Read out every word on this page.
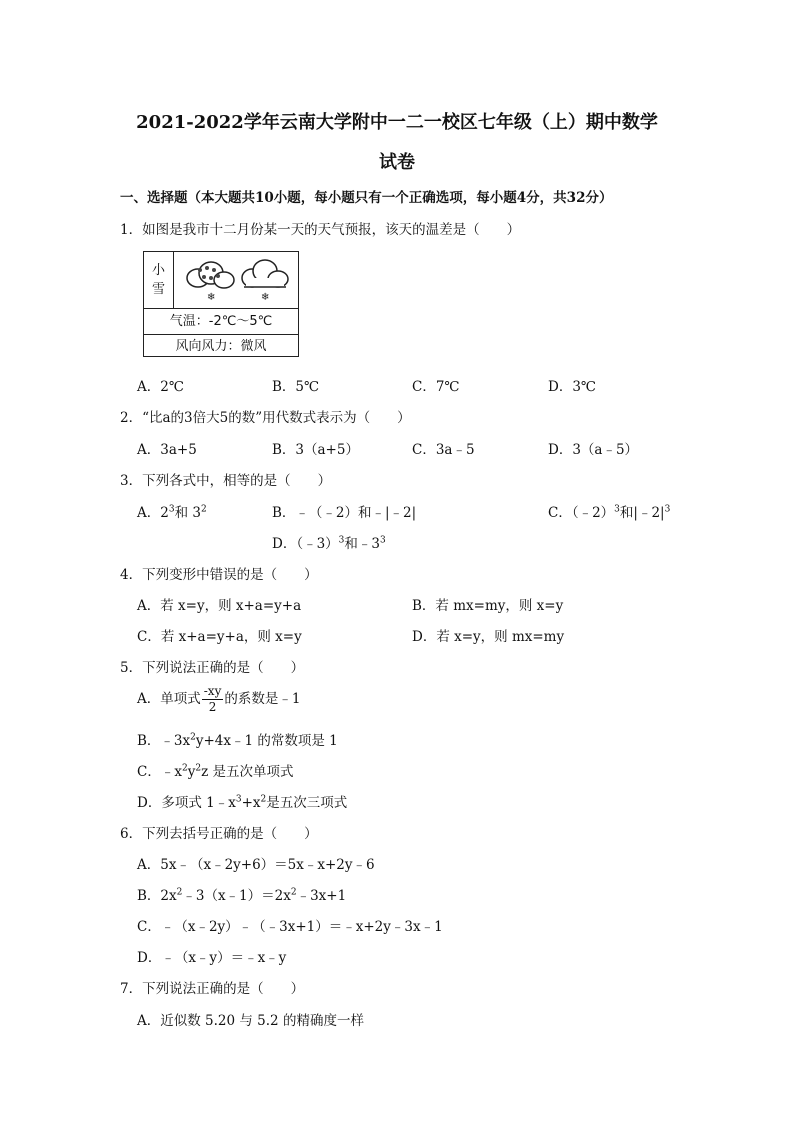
2021-2022学年云南大学附中一二一校区七年级（上）期中数学
试卷
一、选择题（本大题共10小题，每小题只有一个正确选项，每小题4分，共32分）
1．如图是我市十二月份某一天的天气预报，该天的温差是（　　）
小
雪
❄	❄
气温：-2℃～5℃
风向风力：微风
A．2℃	B．5℃	C．7℃	D．3℃
2．“比a的3倍大5的数”用代数式表示为（　　）
A．3a+5	B．3（a+5）	C．3a﹣5	D．3（a﹣5）
3．下列各式中，相等的是（　　）
A．$2^3$和 $3^2$	B．﹣（﹣2）和﹣|﹣2|	C．（﹣2）$^3$和$|﹣2|^3$
D．（﹣3）$^3$和$﹣3^3$
4．下列变形中错误的是（　　）
A．若 x=y，则 x+a=y+a	B．若 mx=my，则 x=y
C．若 x+a=y+a，则 x=y	D．若 x=y，则 mx=my
5．下列说法正确的是（　　）
A．单项式 $\frac{-xy}{2}$ 的系数是﹣1
B．$﹣3x^2y+4x﹣1$ 的常数项是 1
C．$﹣x^2y^2z$ 是五次单项式
D．多项式 $1﹣x^3+x^2$是五次三项式
6．下列去括号正确的是（　　）
A．5x﹣（x﹣2y+6）＝5x﹣x+2y﹣6
B．$2x^2﹣3(x﹣1)=2x^2﹣3x+1$
C．﹣（x﹣2y）﹣（﹣3x+1）＝﹣x+2y﹣3x﹣1
D．﹣（x﹣y）＝﹣x﹣y
7．下列说法正确的是（　　）
A．近似数 5.20 与 5.2 的精确度一样
